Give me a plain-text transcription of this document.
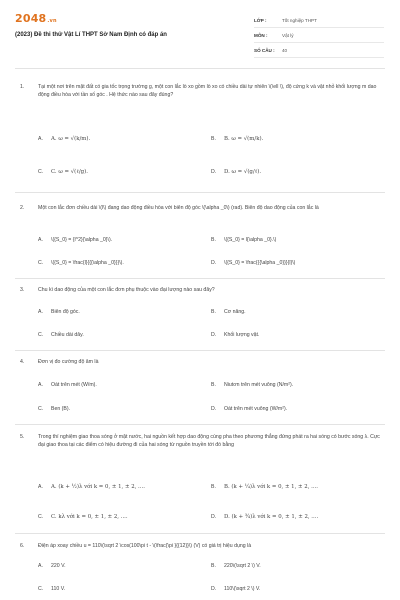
2048.vn
(2023) Đề thi thử Vật Lí THPT Sở Nam Định có đáp án
LỚP :	Tốt nghiệp THPT
MÔN :	Vật lý
SỐ CÂU :	40
1.	Tại một nơi trên mặt đất có gia tốc trọng trường g, một con lắc lò xo gồm lò xo có chiều dài tự nhiên \(\ell \), độ cứng k và vật nhỏ khối lượng m dao động điều hòa với tần số góc . Hệ thức nào sau đây đúng?
A. A. ω = √(k/m).	B. B. ω = √(m/k).
C. C. ω = √(ℓ/g).	D. D. ω = √(g/ℓ).
2.	Một con lắc đơn chiều dài \(l\) đang dao động điều hòa với biên độ góc \(\alpha _0\) (rad). Biên độ dao động của con lắc là
A. \({S_0} = {l^2}{\alpha _0}\).	B. \({S_0} = l{\alpha _0}.\)
C. \({S_0} = \frac{l}{{{\alpha _0}}}\).	D. \({S_0} = \frac{{{\alpha _0}}}{l}\)
3.	Chu kì dao động của một con lắc đơn phụ thuộc vào đại lượng nào sau đây?
A. Biên độ góc.	B. Cơ năng.
C. Chiều dài dây.	D. Khối lượng vật.
4.	Đơn vị đo cường độ âm là
A. Oát trên mét (W/m).	B. Niutơn trên mét vuông (N/m²).
C. Ben (B).	D. Oát trên mét vuông (W/m²).
5.	Trong thí nghiệm giao thoa sóng ở mặt nước, hai nguồn kết hợp dao động cùng pha theo phương thẳng đứng phát ra hai sóng có bước sóng λ. Cực đại giao thoa tại các điểm có hiệu đường đi của hai sóng từ nguồn truyền tới đó bằng
A. A. (k + ½)λ với k = 0, ± 1, ± 2, ....	B. B. (k + ¼)λ với k = 0, ± 1, ± 2, ....
C. C. kλ với k = 0, ± 1, ± 2, ....	D. D. (k + ¾)λ với k = 0, ± 1, ± 2, ....
6.	Điện áp xoay chiều u = 110\(\sqrt 2 \cos(100\pi t - \(\frac{\pi }{{12}}\) (V) có giá trị hiệu dụng là
A. 220 V.	B. 220\(\sqrt 2 \) V.
C. 110 V.	D. 110\(\sqrt 2 \) V.
